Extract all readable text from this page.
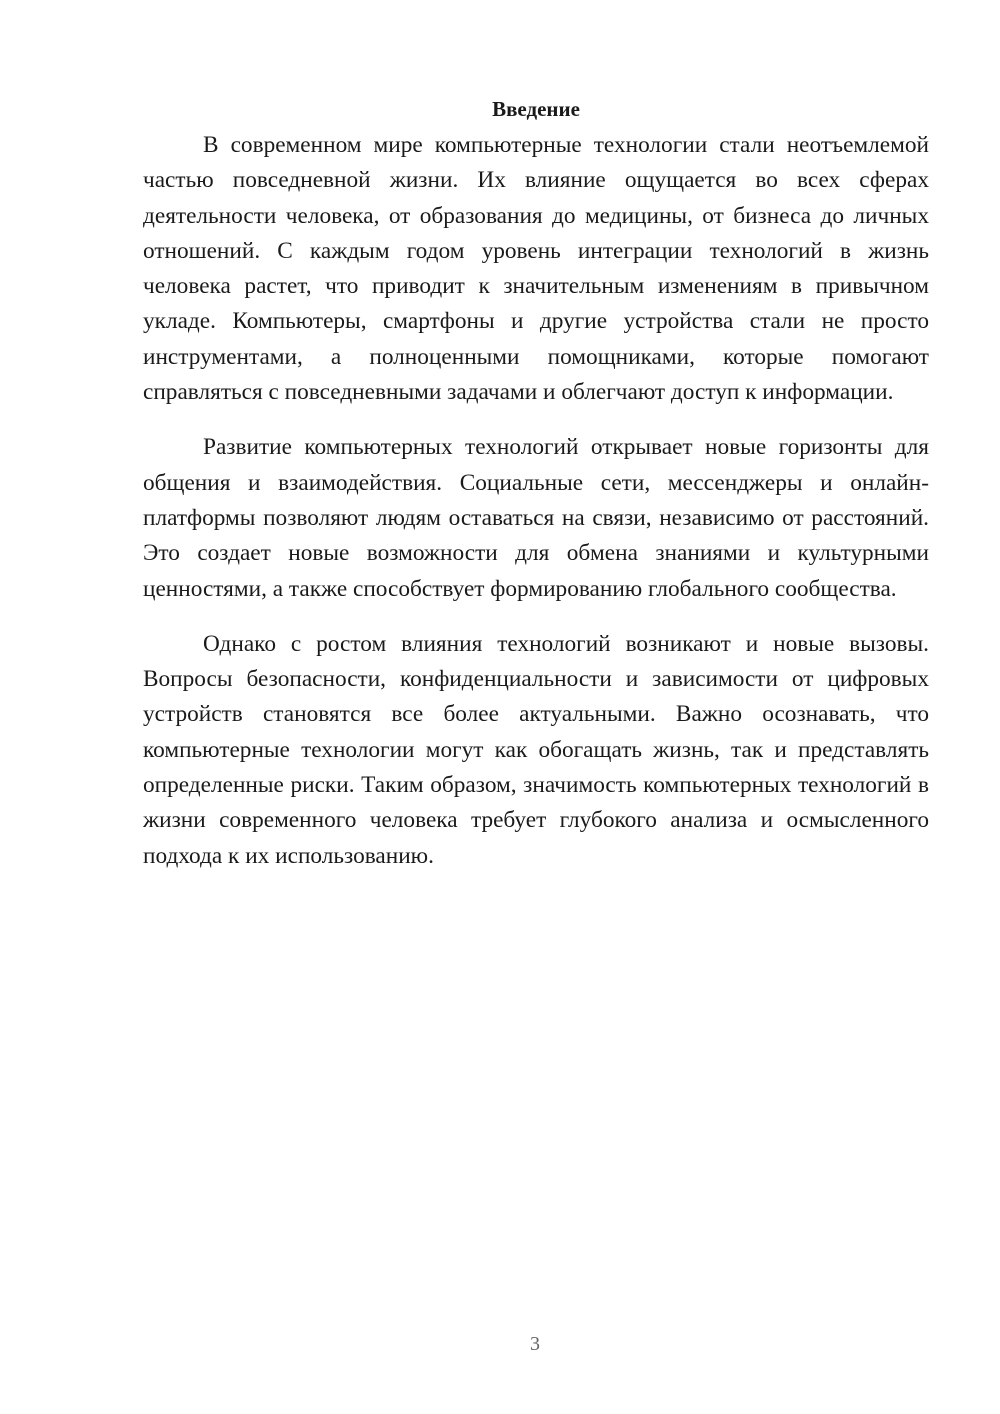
Введение

В современном мире компьютерные технологии стали неотъемлемой частью повседневной жизни. Их влияние ощущается во всех сферах деятельности человека, от образования до медицины, от бизнеса до личных отношений. С каждым годом уровень интеграции технологий в жизнь человека растет, что приводит к значительным изменениям в привычном укладе. Компьютеры, смартфоны и другие устройства стали не просто инструментами, а полноценными помощниками, которые помогают справляться с повседневными задачами и облегчают доступ к информации.

Развитие компьютерных технологий открывает новые горизонты для общения и взаимодействия. Социальные сети, мессенджеры и онлайн-платформы позволяют людям оставаться на связи, независимо от расстояний. Это создает новые возможности для обмена знаниями и культурными ценностями, а также способствует формированию глобального сообщества.

Однако с ростом влияния технологий возникают и новые вызовы. Вопросы безопасности, конфиденциальности и зависимости от цифровых устройств становятся все более актуальными. Важно осознавать, что компьютерные технологии могут как обогащать жизнь, так и представлять определенные риски. Таким образом, значимость компьютерных технологий в жизни современного человека требует глубокого анализа и осмысленного подхода к их использованию.

3
